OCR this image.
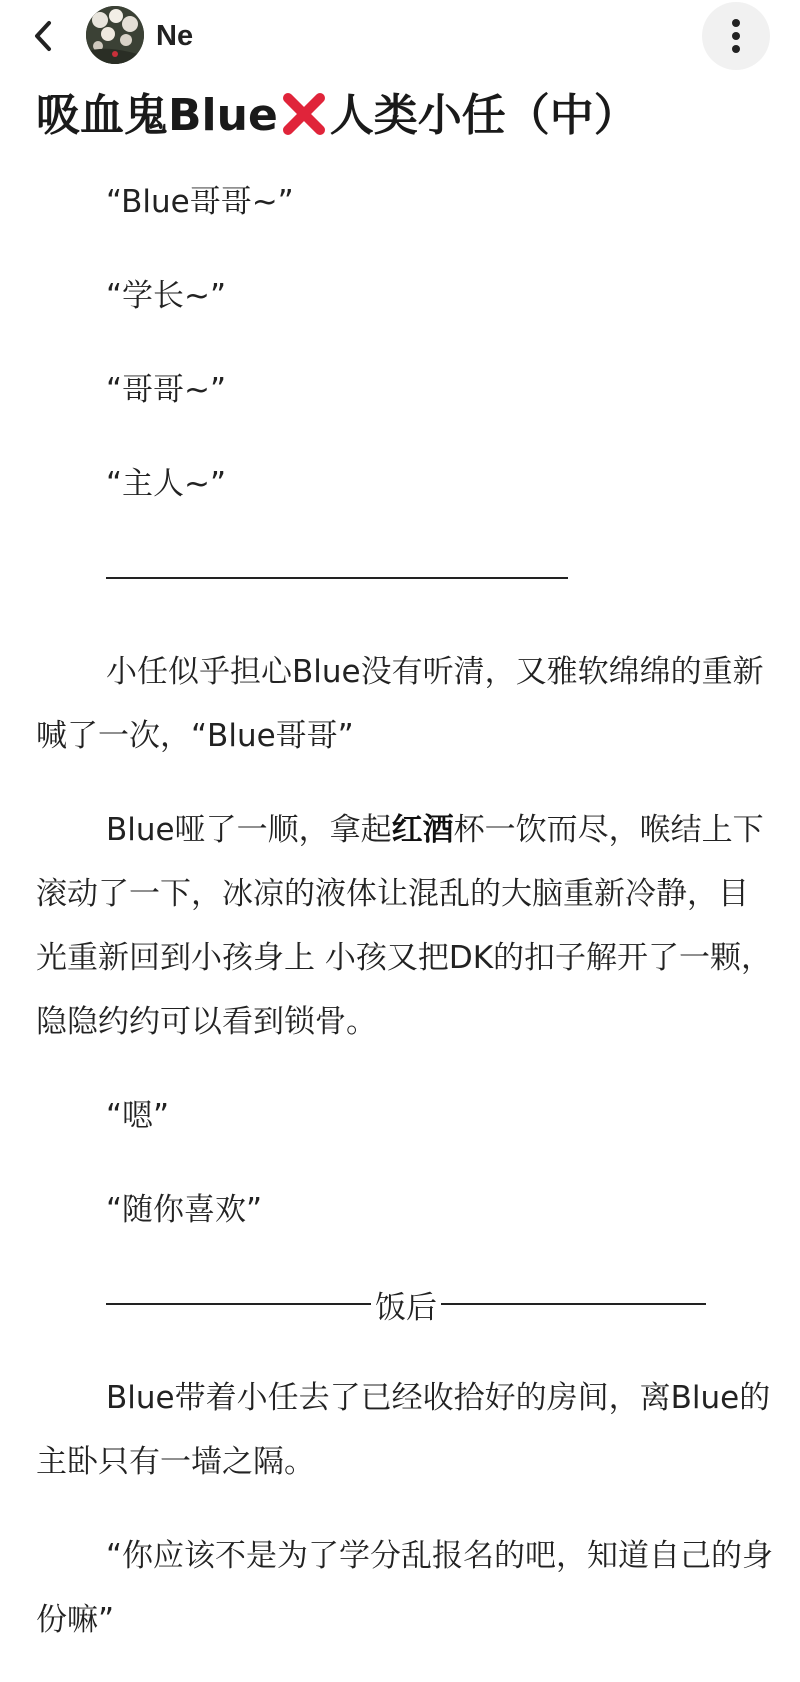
Ne
吸血鬼Blue 人类小任（中）

“Blue哥哥~”

“学长~”

“哥哥~”

“主人~”

小任似乎担心Blue没有听清，又雅软绵绵的重新喊了一次，“Blue哥哥”

Blue哑了一顺，拿起红酒杯一饮而尽，喉结上下滚动了一下，冰凉的液体让混乱的大脑重新冷静，目光重新回到小孩身上 小孩又把DK的扣子解开了一颗，隐隐约约可以看到锁骨。

“嗯”

“随你喜欢”

饭后

Blue带着小任去了已经收拾好的房间，离Blue的主卧只有一墙之隔。

“你应该不是为了学分乱报名的吧，知道自己的身份嘛”
